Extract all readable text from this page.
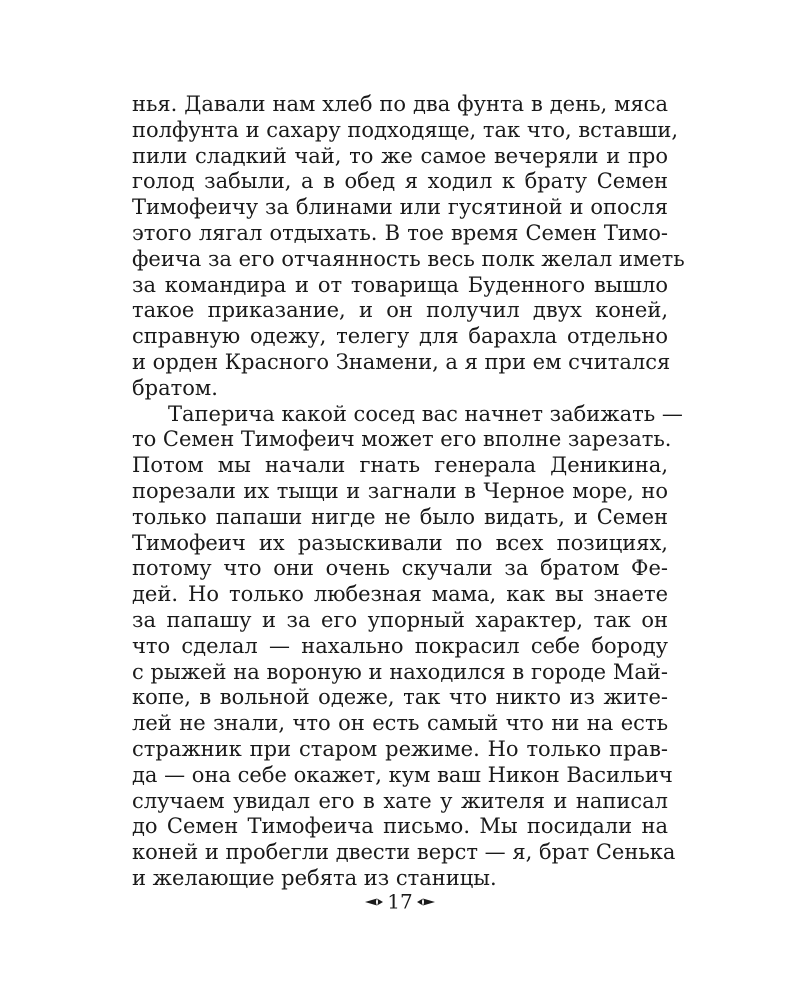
нья. Давали нам хлеб по два фунта в день, мяса
полфунта и сахару подходяще, так что, вставши,
пили сладкий чай, то же самое вечеряли и про
голод забыли, а в обед я ходил к брату Семен
Тимофеичу за блинами или гусятиной и опосля
этого лягал отдыхать. В тое время Семен Тимо-
феича за его отчаянность весь полк желал иметь
за командира и от товарища Буденного вышло
такое приказание, и он получил двух коней,
справную одежу, телегу для барахла отдельно
и орден Красного Знамени, а я при ем считался
братом.
Таперича какой сосед вас начнет забижать —
то Семен Тимофеич может его вполне зарезать.
Потом мы начали гнать генерала Деникина,
порезали их тыщи и загнали в Черное море, но
только папаши нигде не было видать, и Семен
Тимофеич их разыскивали по всех позициях,
потому что они очень скучали за братом Фе-
дей. Но только любезная мама, как вы знаете
за папашу и за его упорный характер, так он
что сделал — нахально покрасил себе бороду
с рыжей на вороную и находился в городе Май-
копе, в вольной одеже, так что никто из жите-
лей не знали, что он есть самый что ни на есть
стражник при старом режиме. Но только прав-
да — она себе окажет, кум ваш Никон Васильич
случаем увидал его в хате у жителя и написал
до Семен Тимофеича письмо. Мы посидали на
коней и пробегли двести верст — я, брат Сенька
и желающие ребята из станицы.
17
